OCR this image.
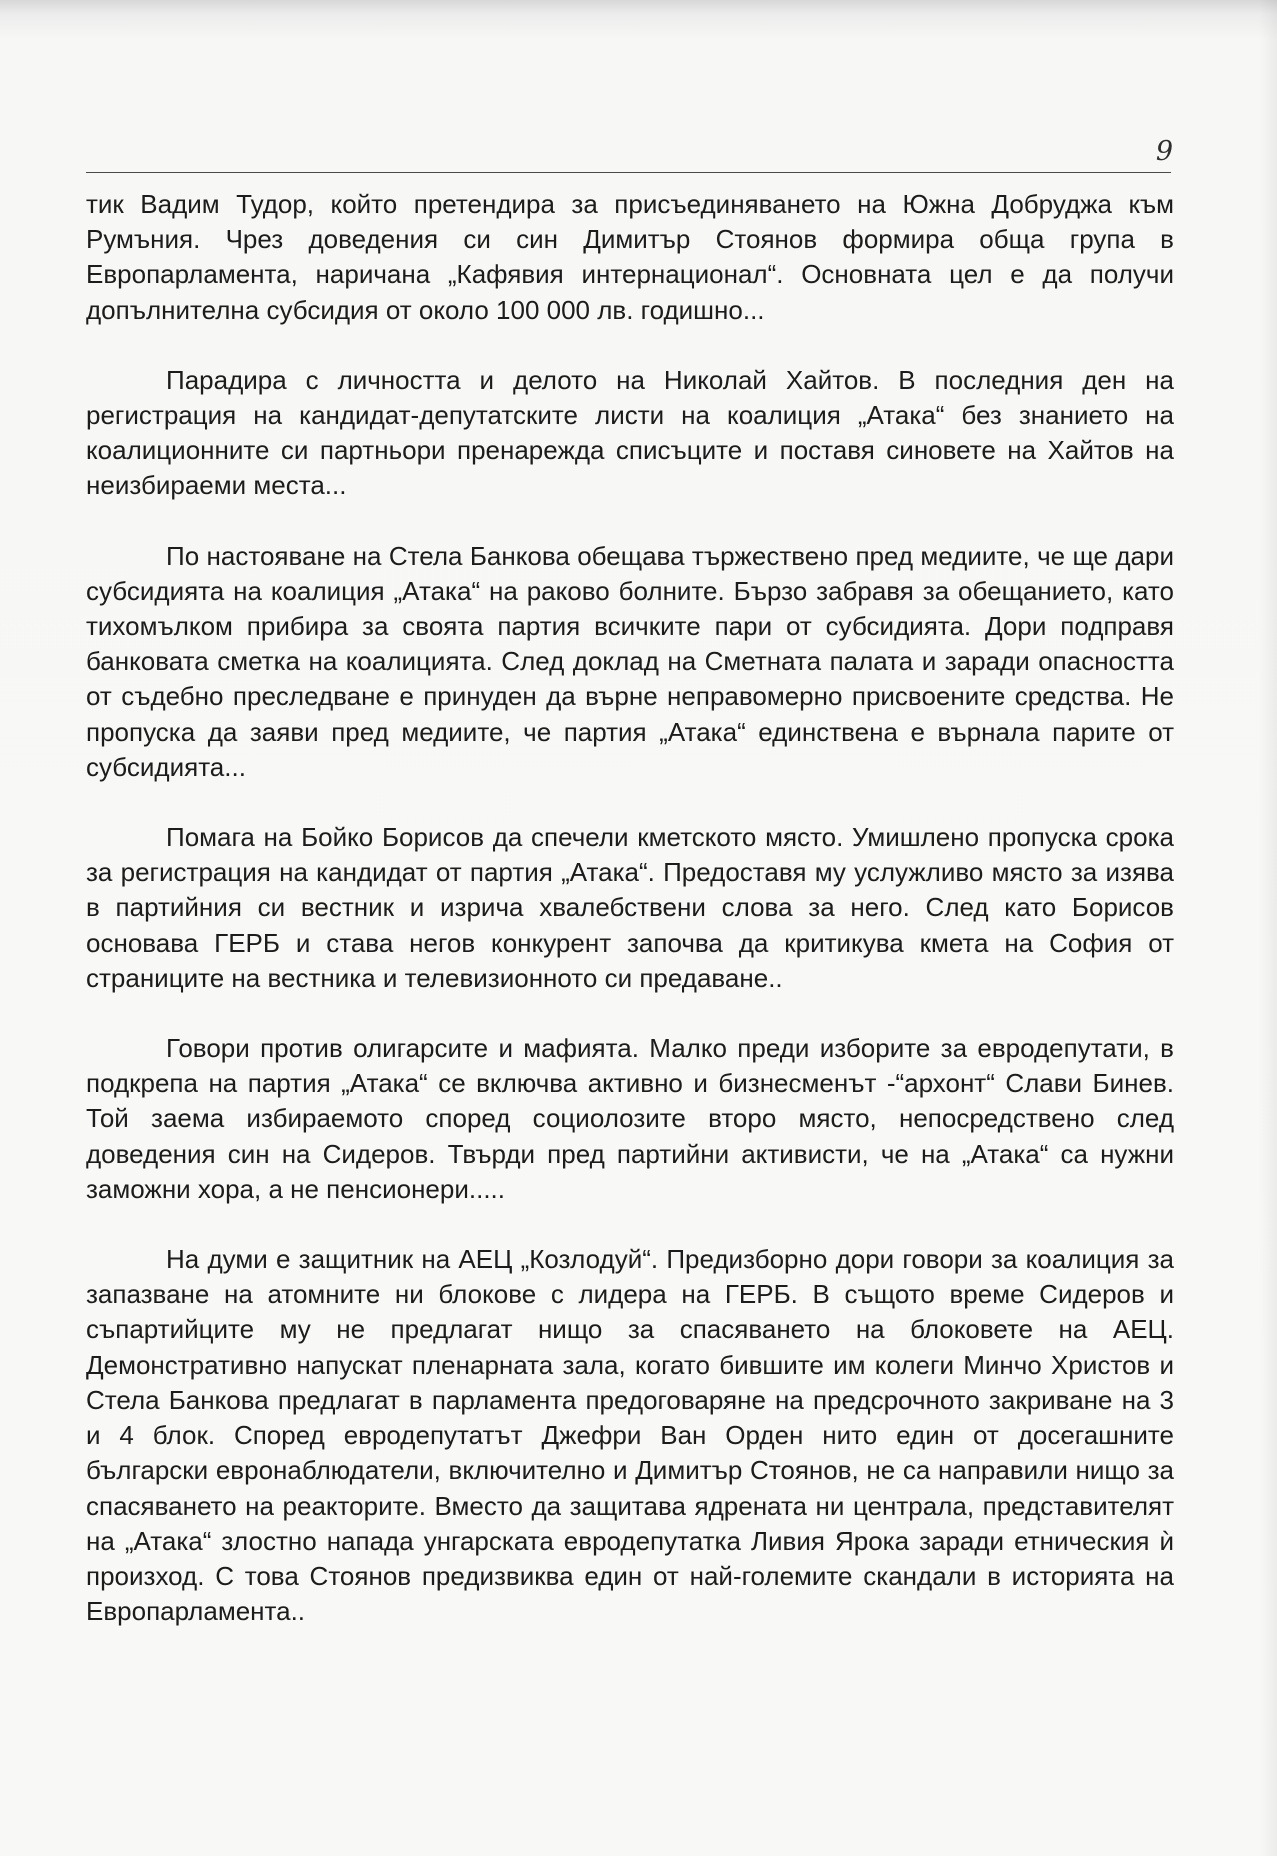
9

тик Вадим Тудор, който претендира за присъединяването на Южна Добруджа към Румъния. Чрез доведения си син Димитър Стоянов формира обща група в Европарламента, наричана „Кафявия интернационал“. Основната цел е да получи допълнителна субсидия от около 100 000 лв. годишно...

Парадира с личността и делото на Николай Хайтов. В последния ден на регистрация на кандидат-депутатските листи на коалиция „Атака“ без знанието на коалиционните си партньори пренарежда списъците и поставя синовете на Хайтов на неизбираеми места...

По настояване на Стела Банкова обещава тържествено пред медиите, че ще дари субсидията на коалиция „Атака“ на раково болните. Бързо забравя за обещанието, като тихомълком прибира за своята партия всичките пари от субсидията. Дори подправя банковата сметка на коалицията. След доклад на Сметната палата и заради опасността от съдебно преследване е принуден да върне неправомерно присвоените средства. Не пропуска да заяви пред медиите, че партия „Атака“ единствена е върнала парите от субсидията...

Помага на Бойко Борисов да спечели кметското място. Умишлено пропуска срока за регистрация на кандидат от партия „Атака“. Предоставя му услужливо място за изява в партийния си вестник и изрича хвалебствени слова за него. След като Борисов основава ГЕРБ и става негов конкурент започва да критикува кмета на София от страниците на вестника и телевизионното си предаване..

Говори против олигарсите и мафията. Малко преди изборите за евродепутати, в подкрепа на партия „Атака“ се включва активно и бизнесменът -“архонт“ Слави Бинев. Той заема избираемото според социолозите второ място, непосредствено след доведения син на Сидеров. Твърди пред партийни активисти, че на „Атака“ са нужни заможни хора, а не пенсионери.....

На думи е защитник на АЕЦ „Козлодуй“. Предизборно дори говори за коалиция за запазване на атомните ни блокове с лидера на ГЕРБ. В същото време Сидеров и съпартийците му не предлагат нищо за спасяването на блоковете на АЕЦ. Демонстративно напускат пленарната зала, когато бившите им колеги Минчо Христов и Стела Банкова предлагат в парламента предоговаряне на предсрочното закриване на 3 и 4 блок. Според евродепутатът Джефри Ван Орден нито един от досегашните български евронаблюдатели, включително и Димитър Стоянов, не са направили нищо за спасяването на реакторите. Вместо да защитава ядрената ни централа, представителят на „Атака“ злостно напада унгарската евродепутатка Ливия Ярока заради етническия ѝ произход. С това Стоянов предизвиква един от най-големите скандали в историята на Европарламента..
